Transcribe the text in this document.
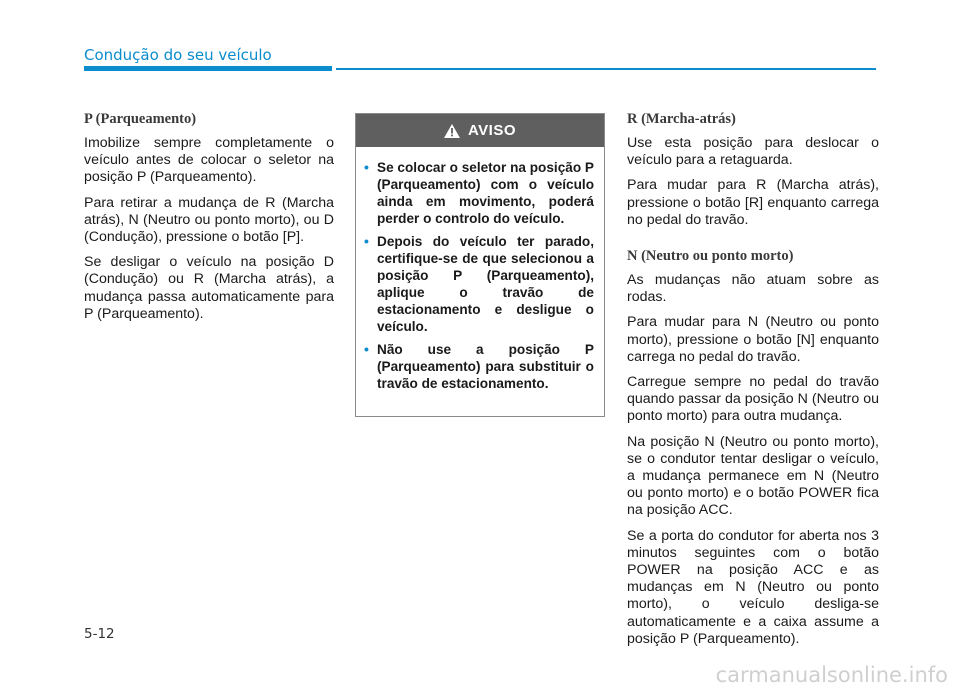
Condução do seu veículo
P (Parqueamento)

Imobilize sempre completamente o veículo antes de colocar o seletor na posição P (Parqueamento).

Para retirar a mudança de R (Marcha atrás), N (Neutro ou ponto morto), ou D (Condução), pressione o botão [P].

Se desligar o veículo na posição D (Condução) ou R (Marcha atrás), a mudança passa automaticamente para P (Parqueamento).

AVISO
• Se colocar o seletor na posição P (Parqueamento) com o veículo ainda em movimento, poderá perder o controlo do veículo.
• Depois do veículo ter parado, certifique-se de que selecionou a posição P (Parqueamento), aplique o travão de estacionamento e desligue o veículo.
• Não use a posição P (Parqueamento) para substituir o travão de estacionamento.
R (Marcha-atrás)

Use esta posição para deslocar o veículo para a retaguarda.

Para mudar para R (Marcha atrás), pressione o botão [R] enquanto carrega no pedal do travão.

N (Neutro ou ponto morto)

As mudanças não atuam sobre as rodas.

Para mudar para N (Neutro ou ponto morto), pressione o botão [N] enquanto carrega no pedal do travão.

Carregue sempre no pedal do travão quando passar da posição N (Neutro ou ponto morto) para outra mudança.

Na posição N (Neutro ou ponto morto), se o condutor tentar desligar o veículo, a mudança permanece em N (Neutro ou ponto morto) e o botão POWER fica na posição ACC.

Se a porta do condutor for aberta nos 3 minutos seguintes com o botão POWER na posição ACC e as mudanças em N (Neutro ou ponto morto), o veículo desliga-se automaticamente e a caixa assume a posição P (Parqueamento).

5-12
carmanualsonline.info
